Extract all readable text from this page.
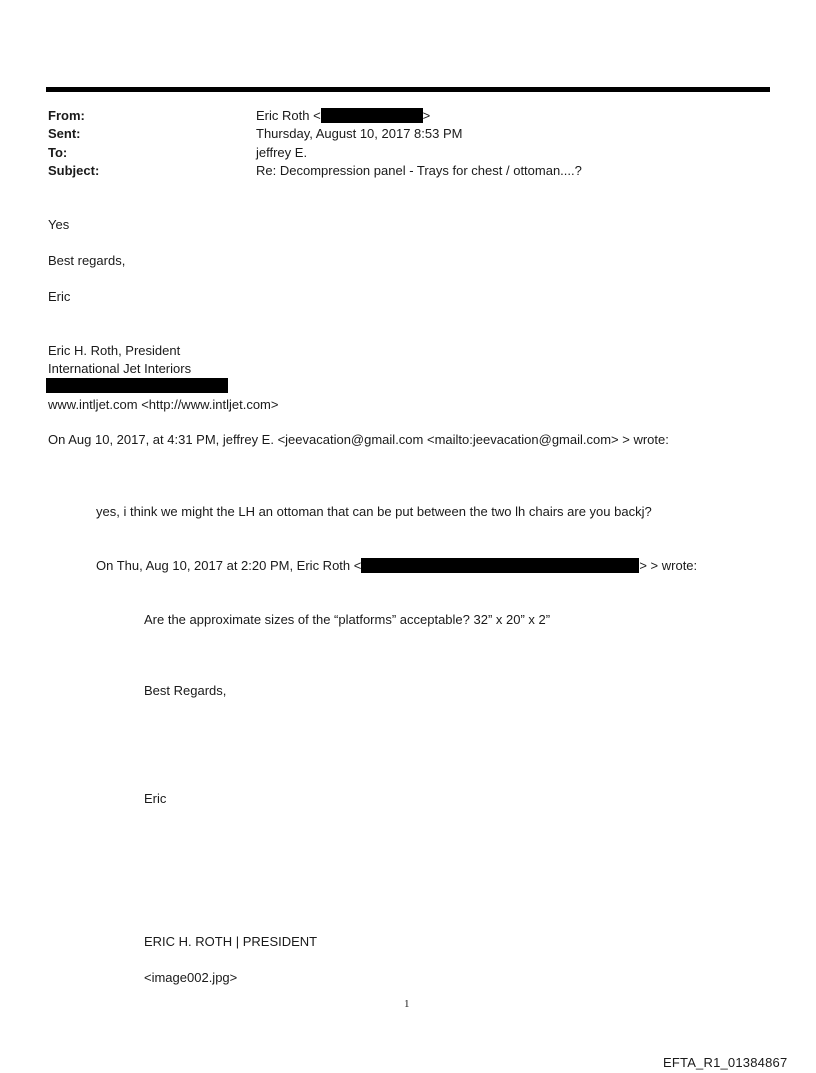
From:	Eric Roth <	>
Sent:	Thursday, August 10, 2017 8:53 PM
To:	jeffrey E.
Subject:	Re: Decompression panel - Trays for chest / ottoman....?
Yes
Best regards,
Eric
Eric H. Roth, President
International Jet Interiors
www.intljet.com <http://www.intljet.com>
On Aug 10, 2017, at 4:31 PM, jeffrey E. <jeevacation@gmail.com <mailto:jeevacation@gmail.com> > wrote:
yes, i think we might the LH an ottoman that can be put between the two lh chairs are you backj?
On Thu, Aug 10, 2017 at 2:20 PM, Eric Roth <	> > wrote:
Are the approximate sizes of the “platforms” acceptable? 32” x 20” x 2”
Best Regards,
Eric
ERIC H. ROTH | PRESIDENT
<image002.jpg>
1
EFTA_R1_01384867
